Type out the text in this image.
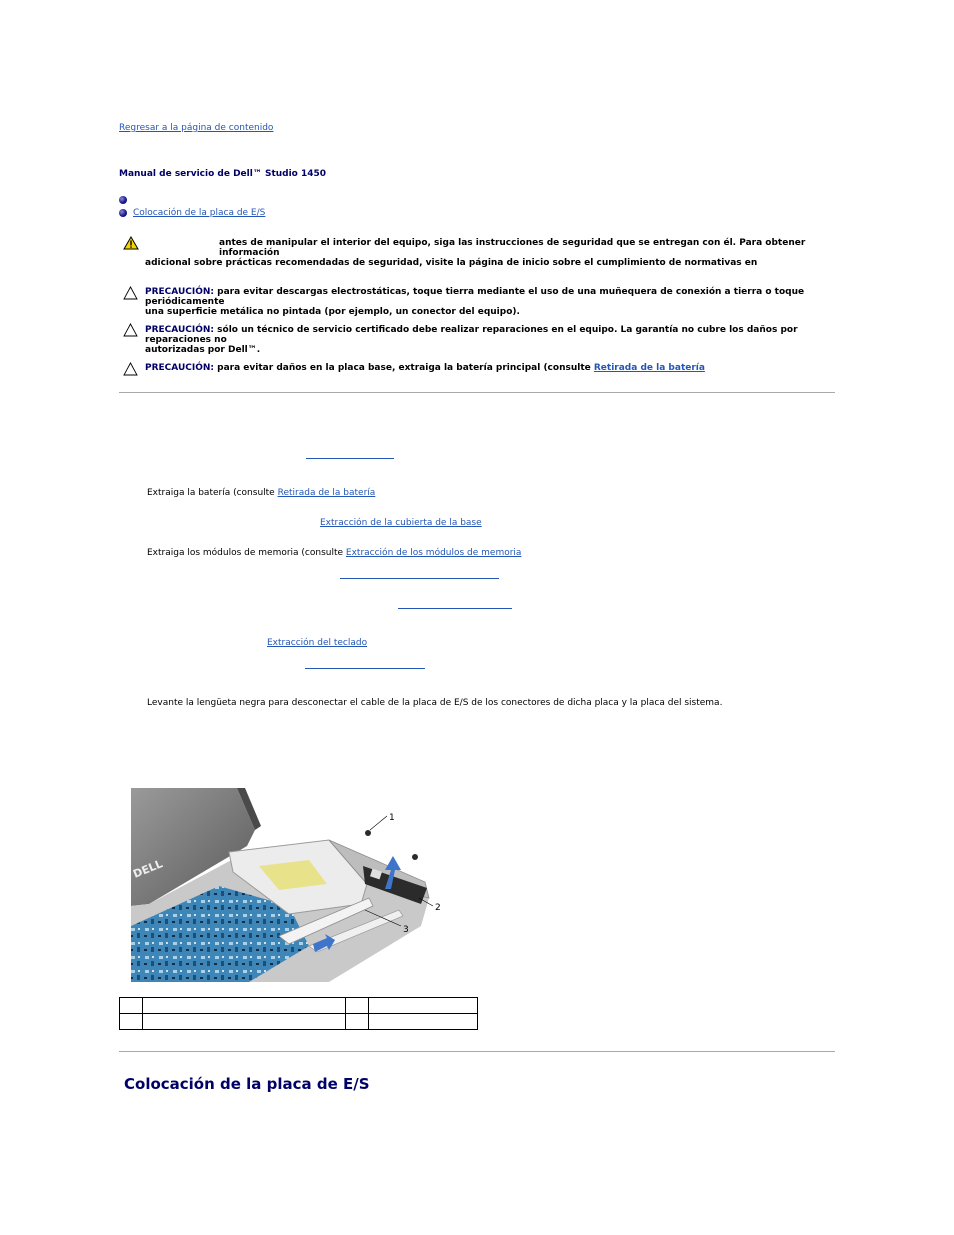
Regresar a la página de contenido
Manual de servicio de Dell™ Studio 1450
Colocación de la placa de E/S
antes de manipular el interior del equipo, siga las instrucciones de seguridad que se entregan con él. Para obtener información
adicional sobre prácticas recomendadas de seguridad, visite la página de inicio sobre el cumplimiento de normativas en
PRECAUCIÓN: para evitar descargas electrostáticas, toque tierra mediante el uso de una muñequera de conexión a tierra o toque periódicamente
una superficie metálica no pintada (por ejemplo, un conector del equipo).
PRECAUCIÓN: sólo un técnico de servicio certificado debe realizar reparaciones en el equipo. La garantía no cubre los daños por reparaciones no
autorizadas por Dell™.
PRECAUCIÓN: para evitar daños en la placa base, extraiga la batería principal (consulte Retirada de la batería
Extraiga la batería (consulte Retirada de la batería
Extracción de la cubierta de la base
Extraiga los módulos de memoria (consulte Extracción de los módulos de memoria
Extracción del teclado
Levante la lengüeta negra para desconectar el cable de la placa de E/S de los conectores de dicha placa y la placa del sistema.
DELL
1
2
3

Colocación de la placa de E/S
